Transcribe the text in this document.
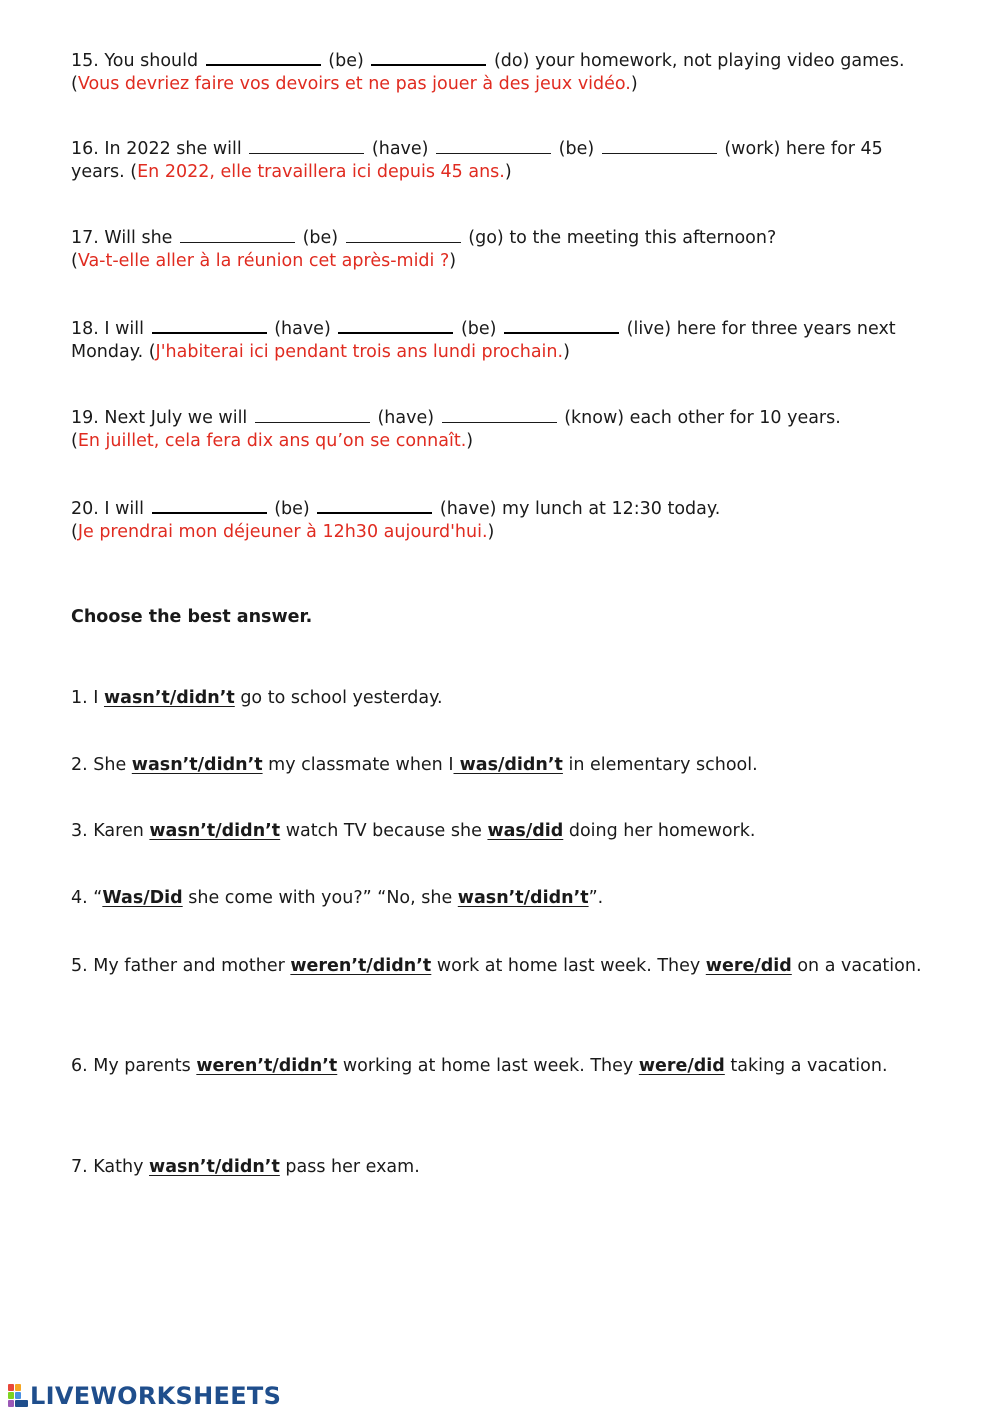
15. You should	(be)	(do) your homework, not playing video games. (Vous devriez faire vos devoirs et ne pas jouer à des jeux vidéo.)

16. In 2022 she will	(have)	(be)	(work) here for 45 years. (En 2022, elle travaillera ici depuis 45 ans.)

17. Will she	(be)	(go) to the meeting this afternoon?
(Va-t-elle aller à la réunion cet après-midi ?)

18. I will	(have)	(be)	(live) here for three years next Monday. (J'habiterai ici pendant trois ans lundi prochain.)

19. Next July we will	(have)	(know) each other for 10 years.
(En juillet, cela fera dix ans qu’on se connaît.)

20. I will	(be)	(have) my lunch at 12:30 today.
(Je prendrai mon déjeuner à 12h30 aujourd'hui.)

Choose the best answer.

1. I wasn’t/didn’t go to school yesterday.

2. She wasn’t/didn’t my classmate when I was/didn’t in elementary school.

3. Karen wasn’t/didn’t watch TV because she was/did doing her homework.

4. “Was/Did she come with you?” “No, she wasn’t/didn’t”.

5. My father and mother weren’t/didn’t work at home last week. They were/did on a vacation.

6. My parents weren’t/didn’t working at home last week. They were/did taking a vacation.

7. Kathy wasn’t/didn’t pass her exam.

LIVEWORKSHEETS
